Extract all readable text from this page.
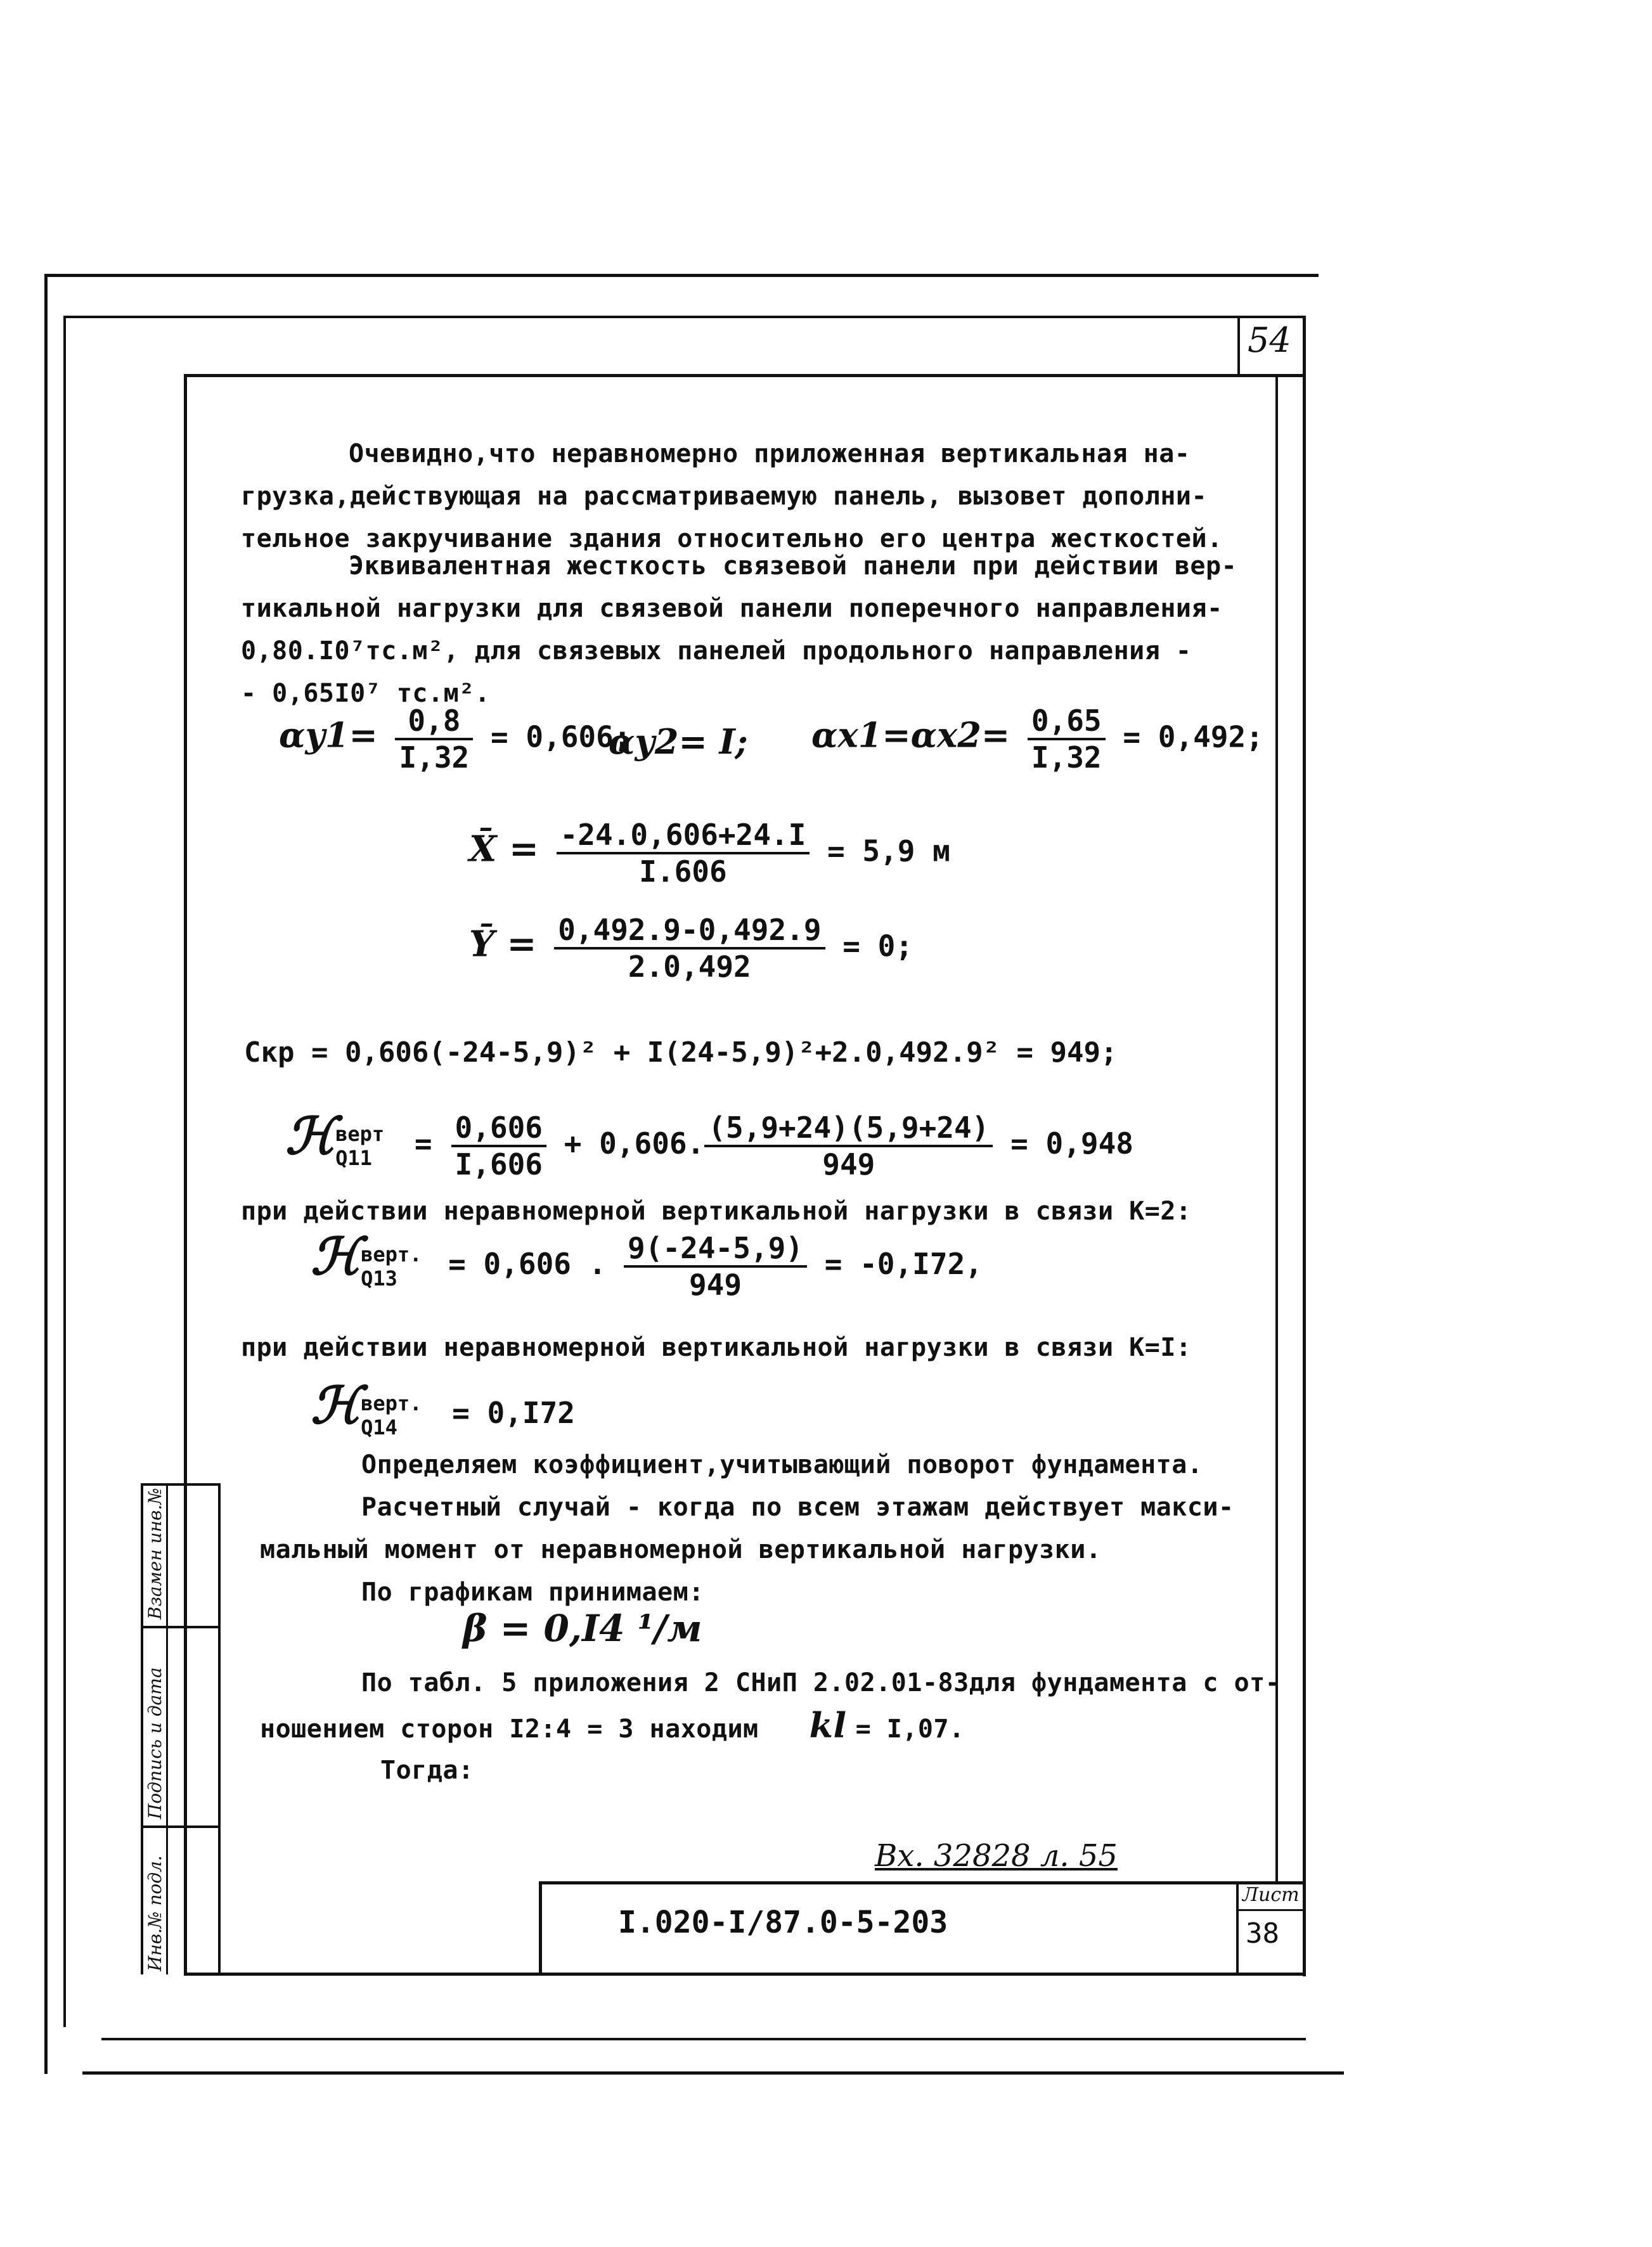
54
Инв.№ подл.
Подпись и дата
Взамен инв.№
Лист
38
I.020-I/87.0-5-203
Вх. 32828 л. 55
Очевидно,что неравномерно приложенная вертикальная на-
грузка,действующая на рассматриваемую панель, вызовет дополни-
тельное закручивание здания относительно его центра жесткостей.
Эквивалентная жесткость связевой панели при действии вер-
тикальной нагрузки для связевой панели поперечного направления-
0,80.I0⁷тс.м², для связевых панелей продольного направления -
- 0,65I0⁷ тс.м².
$\alpha y1= \frac{0,8}{I,32} = 0,606$;
αy2= I; $\alpha x1=\alpha x2= \frac{0,65}{I,32} = 0,492$;
X̄ = $\frac{-24.0,606+24.I}{I.606} = 5,9$ м
Ȳ = $\frac{0,492.9-0,492.9}{2.0,492} = 0$;
Cкр = 0,606(-24-5,9)² + I(24-5,9)²+2.0,492.9² = 949;
ℋ верт
Q11	= $\frac{0,606}{I,606} + 0,606$. $\frac{(5,9+24)(5,9+24)}{949} = 0,948$
при действии неравномерной вертикальной нагрузки в связи К=2:
ℋ верт.
Q13	= 0,606 . $\frac{9(-24-5,9)}{949} = -0,I72$,
при действии неравномерной вертикальной нагрузки в связи К=I:
ℋ верт.
Q14	= 0,I72
Определяем коэффициент,учитывающий поворот фундамента.
Расчетный случай - когда по всем этажам действует макси-
мальный момент от неравномерной вертикальной нагрузки.
По графикам принимаем:
β = 0,I4 ¹/м
По табл. 5 приложения 2 СНиП 2.02.01-83для фундамента с от-
ношением сторон I2:4 = 3 находим kl = I,07.
Тогда:
